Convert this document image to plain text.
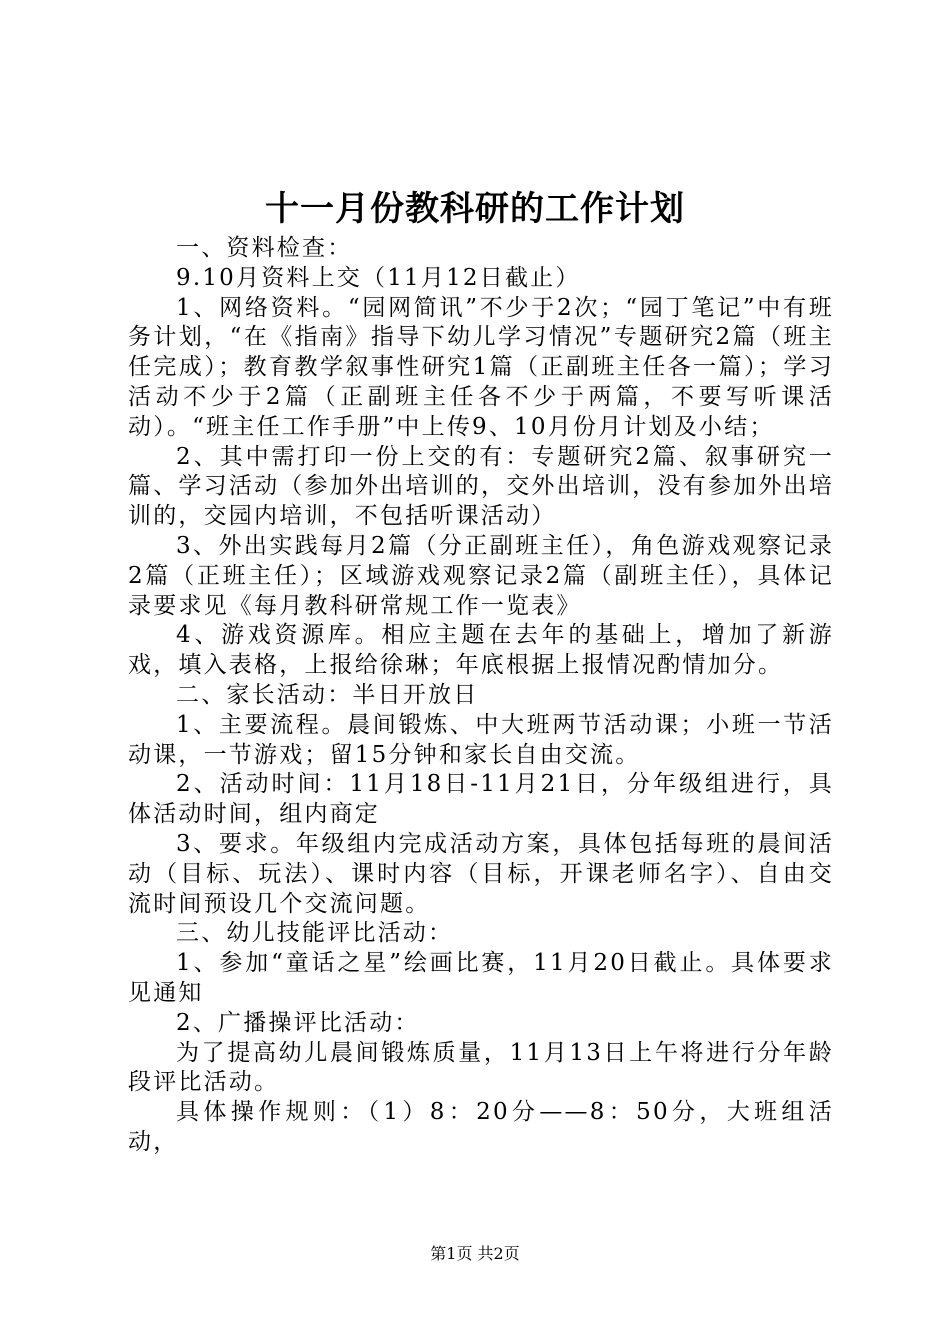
十一月份教科研的工作计划

一、资料检查：

9.10月资料上交（11月12日截止）

1、网络资料。“园网简讯”不少于2次；“园丁笔记”中有班务计划，“在《指南》指导下幼儿学习情况”专题研究2篇（班主任完成）；教育教学叙事性研究1篇（正副班主任各一篇）；学习活动不少于2篇（正副班主任各不少于两篇，不要写听课活动）。“班主任工作手册”中上传9、10月份月计划及小结；

2、其中需打印一份上交的有：专题研究2篇、叙事研究一篇、学习活动（参加外出培训的，交外出培训，没有参加外出培训的，交园内培训，不包括听课活动）

3、外出实践每月2篇（分正副班主任），角色游戏观察记录2篇（正班主任）；区域游戏观察记录2篇（副班主任），具体记录要求见《每月教科研常规工作一览表》

4、游戏资源库。相应主题在去年的基础上，增加了新游戏，填入表格，上报给徐琳；年底根据上报情况酌情加分。

二、家长活动：半日开放日

1、主要流程。晨间锻炼、中大班两节活动课；小班一节活动课，一节游戏；留15分钟和家长自由交流。

2、活动时间：11月18日-11月21日，分年级组进行，具体活动时间，组内商定

3、要求。年级组内完成活动方案，具体包括每班的晨间活动（目标、玩法）、课时内容（目标，开课老师名字）、自由交流时间预设几个交流问题。

三、幼儿技能评比活动：

1、参加“童话之星”绘画比赛，11月20日截止。具体要求见通知

2、广播操评比活动：

为了提高幼儿晨间锻炼质量，11月13日上午将进行分年龄段评比活动。

具体操作规则：（1）8：20分——8：50分，大班组活动，

第1页 共2页
